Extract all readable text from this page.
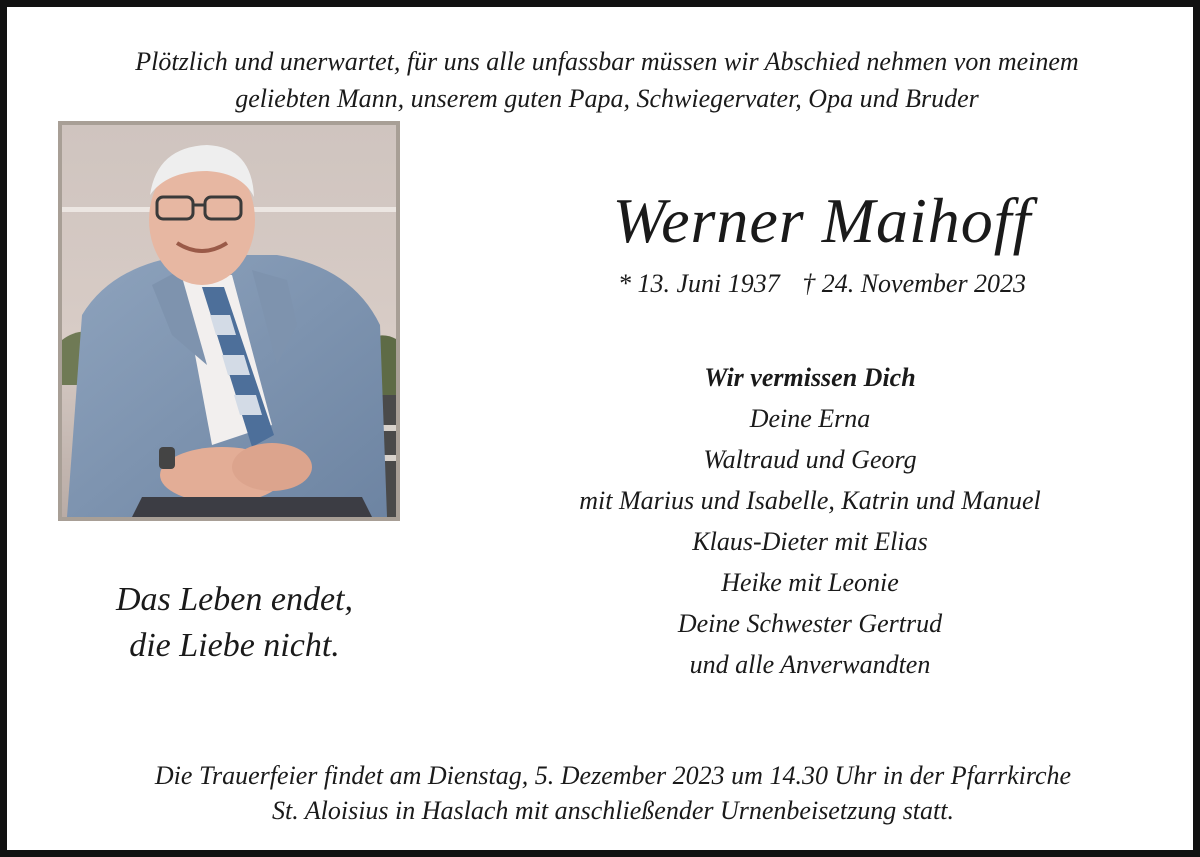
Plötzlich und unerwartet, für uns alle unfassbar müssen wir Abschied nehmen von meinem
geliebten Mann, unserem guten Papa, Schwiegervater, Opa und Bruder
Werner Maihoff
* 13. Juni 1937 † 24. November 2023
Wir vermissen Dich
Deine Erna
Waltraud und Georg
mit Marius und Isabelle, Katrin und Manuel
Klaus-Dieter mit Elias
Heike mit Leonie
Deine Schwester Gertrud
und alle Anverwandten
Das Leben endet,
die Liebe nicht.
Die Trauerfeier findet am Dienstag, 5. Dezember 2023 um 14.30 Uhr in der Pfarrkirche
St. Aloisius in Haslach mit anschließender Urnenbeisetzung statt.
